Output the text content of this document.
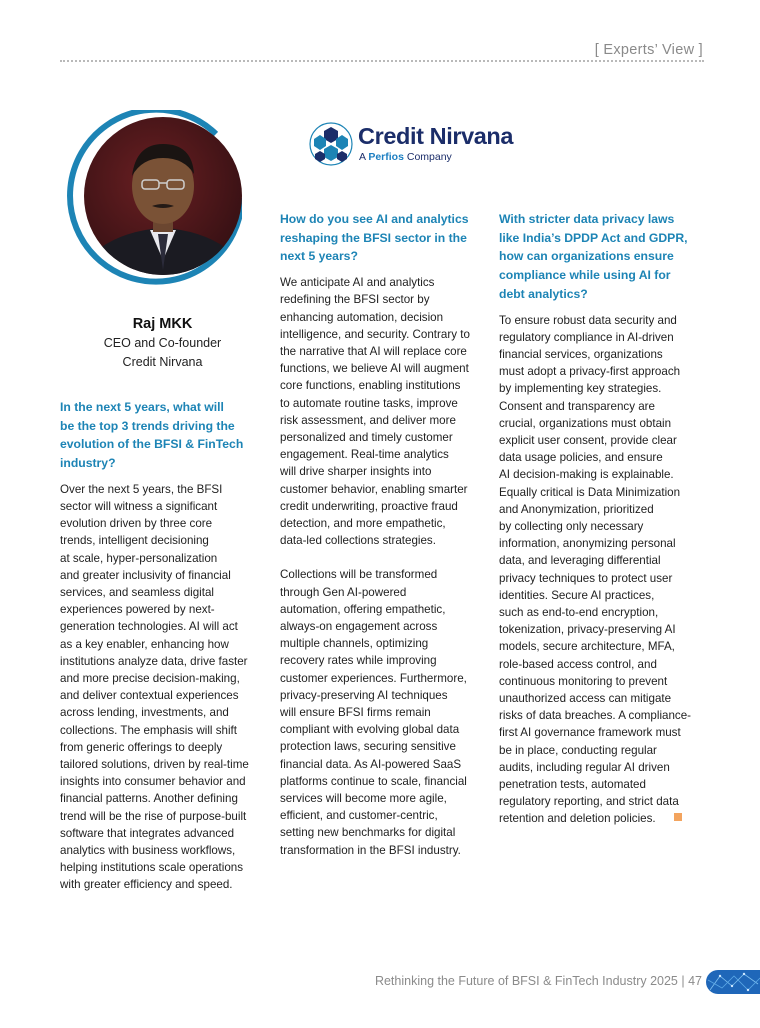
[ Experts’ View ]
Raj MKK
CEO and Co-founder
Credit Nirvana
Credit Nirvana
A Perfios Company
In the next 5 years, what will
be the top 3 trends driving the
evolution of the BFSI & FinTech
industry?
Over the next 5 years, the BFSI
sector will witness a significant
evolution driven by three core
trends, intelligent decisioning
at scale, hyper-personalization
and greater inclusivity of financial
services, and seamless digital
experiences powered by next-
generation technologies. AI will act
as a key enabler, enhancing how
institutions analyze data, drive faster
and more precise decision-making,
and deliver contextual experiences
across lending, investments, and
collections. The emphasis will shift
from generic offerings to deeply
tailored solutions, driven by real-time
insights into consumer behavior and
financial patterns. Another defining
trend will be the rise of purpose-built
software that integrates advanced
analytics with business workflows,
helping institutions scale operations
with greater efficiency and speed.
How do you see AI and analytics
reshaping the BFSI sector in the
next 5 years?
We anticipate AI and analytics
redefining the BFSI sector by
enhancing automation, decision
intelligence, and security. Contrary to
the narrative that AI will replace core
functions, we believe AI will augment
core functions, enabling institutions
to automate routine tasks, improve
risk assessment, and deliver more
personalized and timely customer
engagement. Real-time analytics
will drive sharper insights into
customer behavior, enabling smarter
credit underwriting, proactive fraud
detection, and more empathetic,
data-led collections strategies.
Collections will be transformed
through Gen AI-powered
automation, offering empathetic,
always-on engagement across
multiple channels, optimizing
recovery rates while improving
customer experiences. Furthermore,
privacy-preserving AI techniques
will ensure BFSI firms remain
compliant with evolving global data
protection laws, securing sensitive
financial data. As AI-powered SaaS
platforms continue to scale, financial
services will become more agile,
efficient, and customer-centric,
setting new benchmarks for digital
transformation in the BFSI industry.
With stricter data privacy laws
like India’s DPDP Act and GDPR,
how can organizations ensure
compliance while using AI for
debt analytics?
To ensure robust data security and
regulatory compliance in AI-driven
financial services, organizations
must adopt a privacy-first approach
by implementing key strategies.
Consent and transparency are
crucial, organizations must obtain
explicit user consent, provide clear
data usage policies, and ensure
AI decision-making is explainable.
Equally critical is Data Minimization
and Anonymization, prioritized
by collecting only necessary
information, anonymizing personal
data, and leveraging differential
privacy techniques to protect user
identities. Secure AI practices,
such as end-to-end encryption,
tokenization, privacy-preserving AI
models, secure architecture, MFA,
role-based access control, and
continuous monitoring to prevent
unauthorized access can mitigate
risks of data breaches. A compliance-
first AI governance framework must
be in place, conducting regular
audits, including regular AI driven
penetration tests, automated
regulatory reporting, and strict data
retention and deletion policies.
Rethinking the Future of BFSI & FinTech Industry 2025 | 47
